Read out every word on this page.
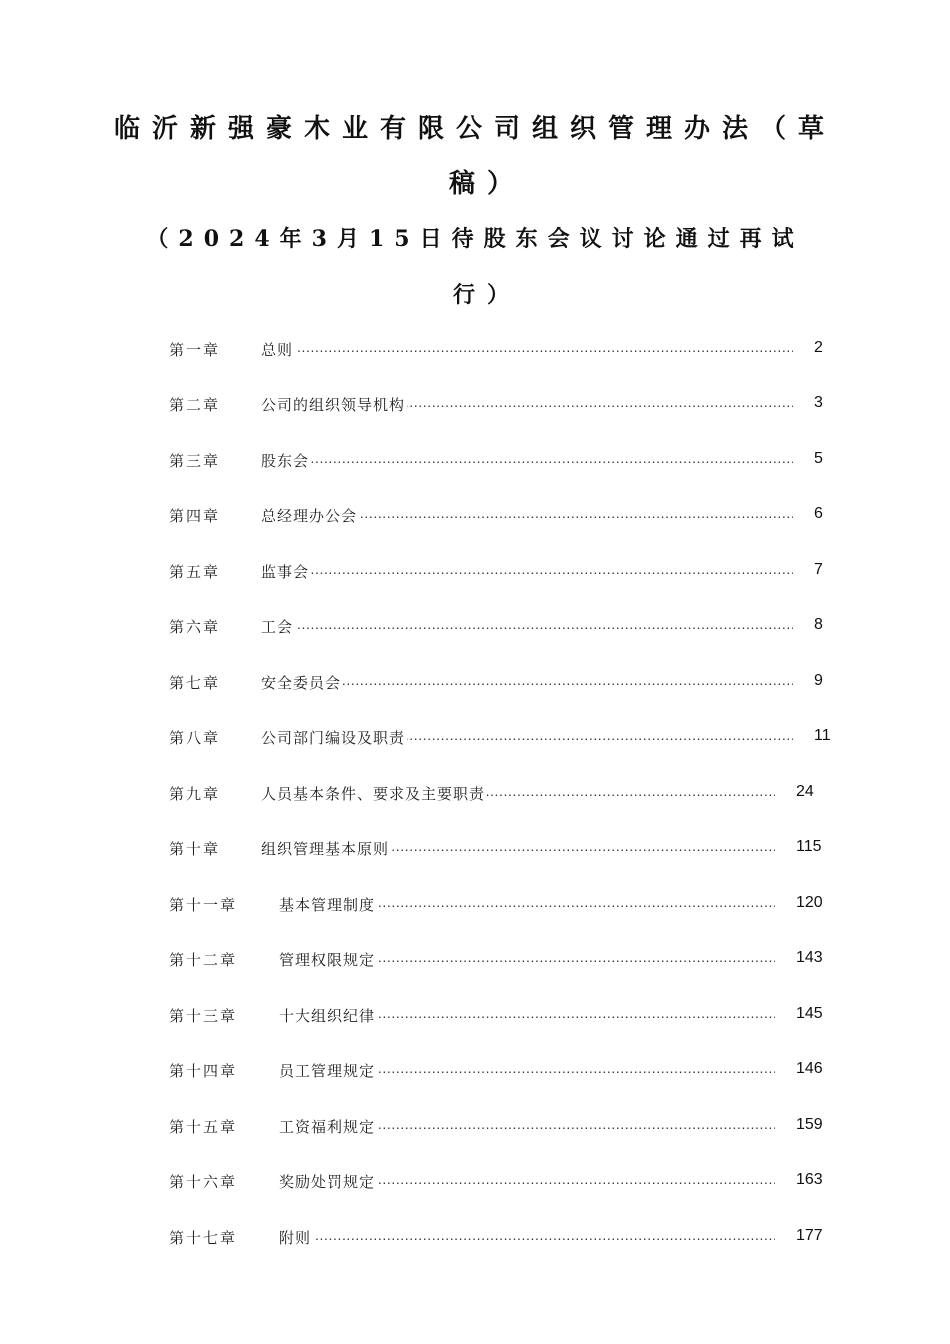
临沂新强豪木业有限公司组织管理办法（草
稿）
（2024年3月15日待股东会议讨论通过再试
行）
第一章 .....	总则	2
第二章 .....	公司的组织领导机构	3
第三章 .....	股东会	5
第四章 .....	总经理办公会	6
第五章 .....	监事会	7
第六章 .....	工会	8
第七章 .....	安全委员会	9
第八章 .....	公司部门编设及职责	11
第九章 .....	人员基本条件、要求及主要职责	24
第十章 .....	组织管理基本原则	115
第十一章 .....	基本管理制度	120
第十二章 .....	管理权限规定	143
第十三章 .....	十大组织纪律	145
第十四章 .....	员工管理规定	146
第十五章 .....	工资福利规定	159
第十六章 .....	奖励处罚规定	163
第十七章 .....	附则	177
